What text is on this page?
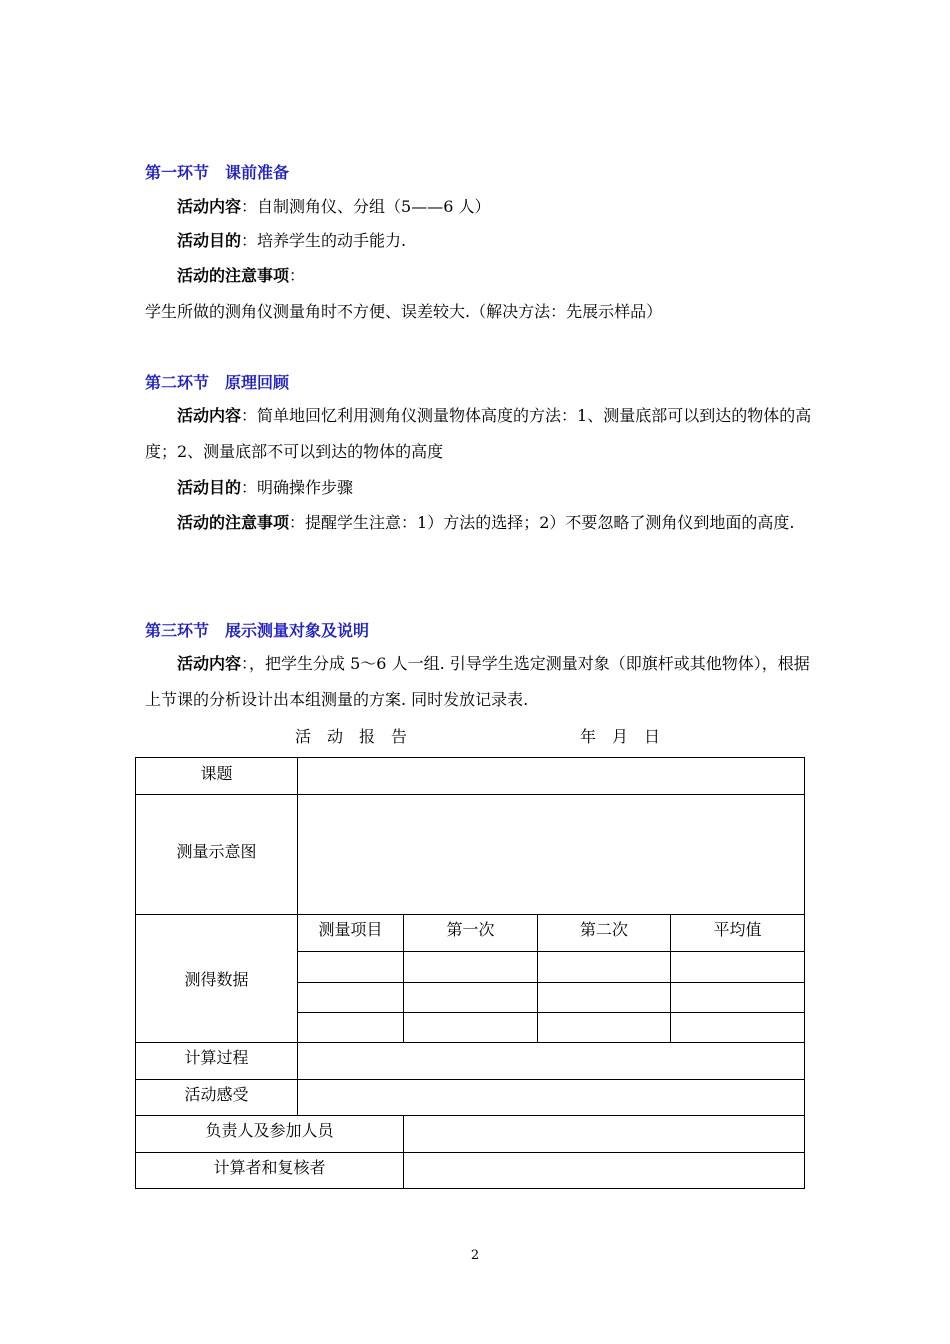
第一环节　课前准备
活动内容：自制测角仪、分组（5——6 人）
活动目的：培养学生的动手能力.
活动的注意事项：学生所做的测角仪测量角时不方便、误差较大.（解决方法：先展示样品）
第二环节　原理回顾
活动内容：简单地回忆利用测角仪测量物体高度的方法：1、测量底部可以到达的物体的高度；2、测量底部不可以到达的物体的高度
活动目的：明确操作步骤
活动的注意事项：提醒学生注意：1）方法的选择；2）不要忽略了测角仪到地面的高度.
第三环节　展示测量对象及说明
活动内容：，把学生分成 5～6 人一组. 引导学生选定测量对象（即旗杆或其他物体），根据上节课的分析设计出本组测量的方案. 同时发放记录表.
活　动　报　告	年　月　日
课题				
测量示意图				
测得数据	测量项目	第一次	第二次	平均值

计算过程				
活动感受				
负责人及参加人员				
计算者和复核者				
2
